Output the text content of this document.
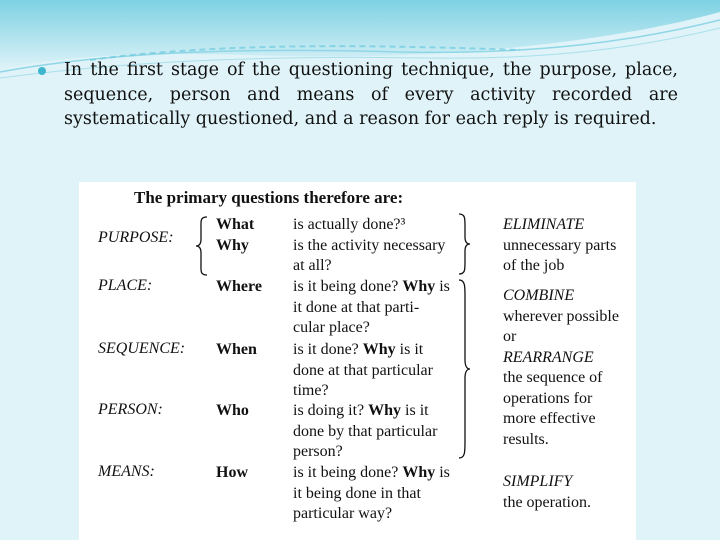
In the first stage of the questioning technique, the purpose, place, sequence, person and means of every activity recorded are systematically questioned, and a reason for each reply is required.
The primary questions therefore are:
PURPOSE:
PLACE:
SEQUENCE:
PERSON:
MEANS:
What
Why
Where
When
Who
How
is actually done?³
is the activity necessary
at all?
is it being done? Why is
it done at that parti-
cular place?
is it done? Why is it
done at that particular
time?
is doing it? Why is it
done by that particular
person?
is it being done? Why is
it being done in that
particular way?
ELIMINATE
unnecessary parts
of the job
COMBINE
wherever possible
or
REARRANGE
the sequence of
operations for
more effective
results.
SIMPLIFY
the operation.
